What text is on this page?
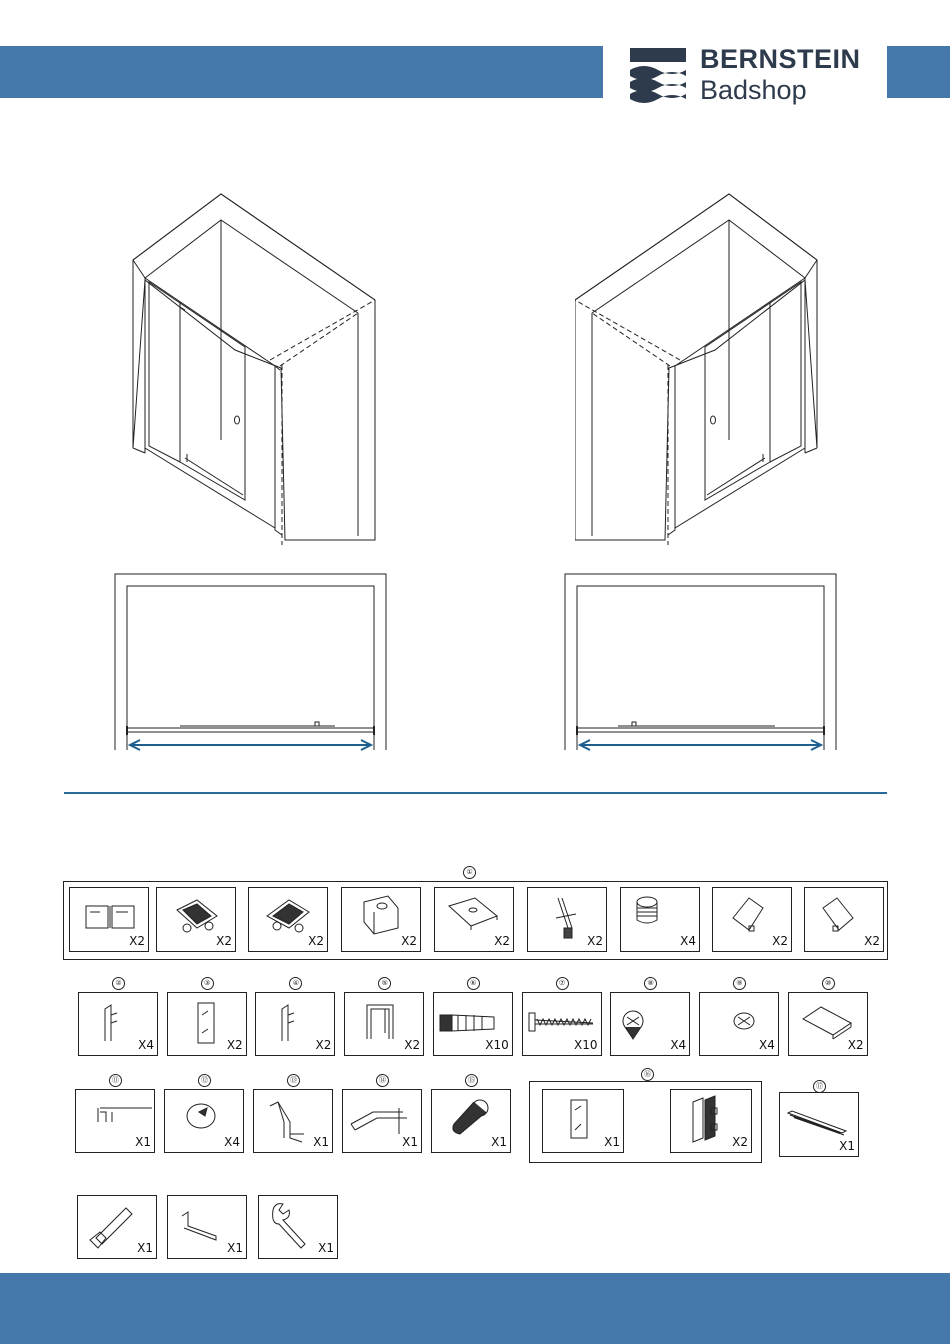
BERNSTEIN
Badshop
①
X2	X2	X2	X2	X2	X2	X4	X2	X2
⑯
X1	X2
⑰
X1
X1	X1	X1
②
X4
③
X2
④
X2
⑤
X2
⑥
X10
⑦
X10
⑧
X4
⑨
X4
⑩
X2
⑪
X1
⑫
X4
⑬
X1
⑭
X1
⑮
X1
